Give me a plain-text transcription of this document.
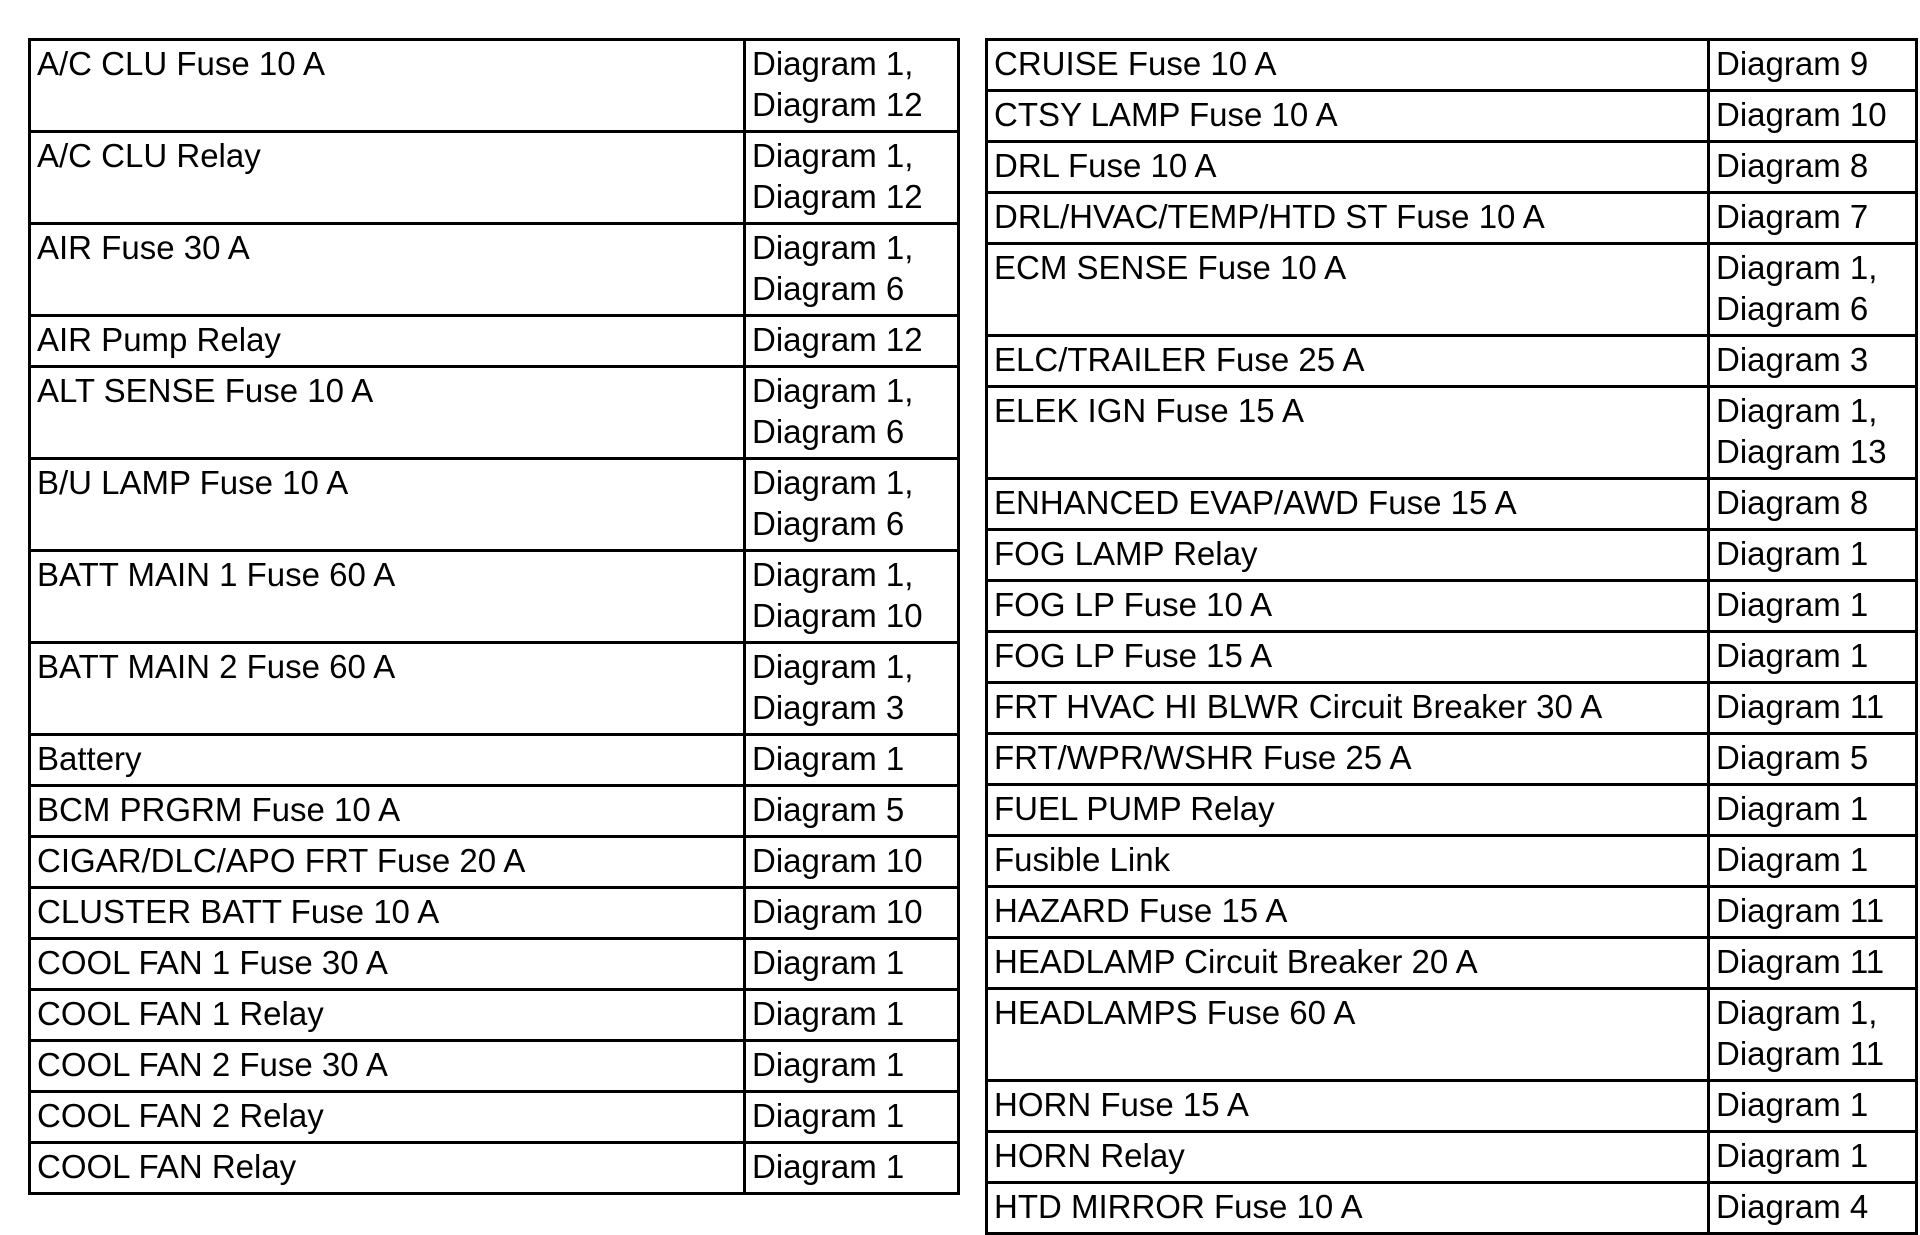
A/C CLU Fuse 10 A	Diagram 1,
Diagram 12

A/C CLU Relay	Diagram 1,
Diagram 12

AIR Fuse 30 A	Diagram 1,
Diagram 6

AIR Pump Relay	Diagram 12

ALT SENSE Fuse 10 A	Diagram 1,
Diagram 6

B/U LAMP Fuse 10 A	Diagram 1,
Diagram 6

BATT MAIN 1 Fuse 60 A	Diagram 1,
Diagram 10

BATT MAIN 2 Fuse 60 A	Diagram 1,
Diagram 3

Battery	Diagram 1

BCM PRGRM Fuse 10 A	Diagram 5

CIGAR/DLC/APO FRT Fuse 20 A	Diagram 10

CLUSTER BATT Fuse 10 A	Diagram 10

COOL FAN 1 Fuse 30 A	Diagram 1

COOL FAN 1 Relay	Diagram 1

COOL FAN 2 Fuse 30 A	Diagram 1

COOL FAN 2 Relay	Diagram 1

COOL FAN Relay	Diagram 1
CRUISE Fuse 10 A	Diagram 9

CTSY LAMP Fuse 10 A	Diagram 10

DRL Fuse 10 A	Diagram 8

DRL/HVAC/TEMP/HTD ST Fuse 10 A	Diagram 7

ECM SENSE Fuse 10 A	Diagram 1,
Diagram 6

ELC/TRAILER Fuse 25 A	Diagram 3

ELEK IGN Fuse 15 A	Diagram 1,
Diagram 13

ENHANCED EVAP/AWD Fuse 15 A	Diagram 8

FOG LAMP Relay	Diagram 1

FOG LP Fuse 10 A	Diagram 1

FOG LP Fuse 15 A	Diagram 1

FRT HVAC HI BLWR Circuit Breaker 30 A	Diagram 11

FRT/WPR/WSHR Fuse 25 A	Diagram 5

FUEL PUMP Relay	Diagram 1

Fusible Link	Diagram 1

HAZARD Fuse 15 A	Diagram 11

HEADLAMP Circuit Breaker 20 A	Diagram 11

HEADLAMPS Fuse 60 A	Diagram 1,
Diagram 11

HORN Fuse 15 A	Diagram 1

HORN Relay	Diagram 1

HTD MIRROR Fuse 10 A	Diagram 4
